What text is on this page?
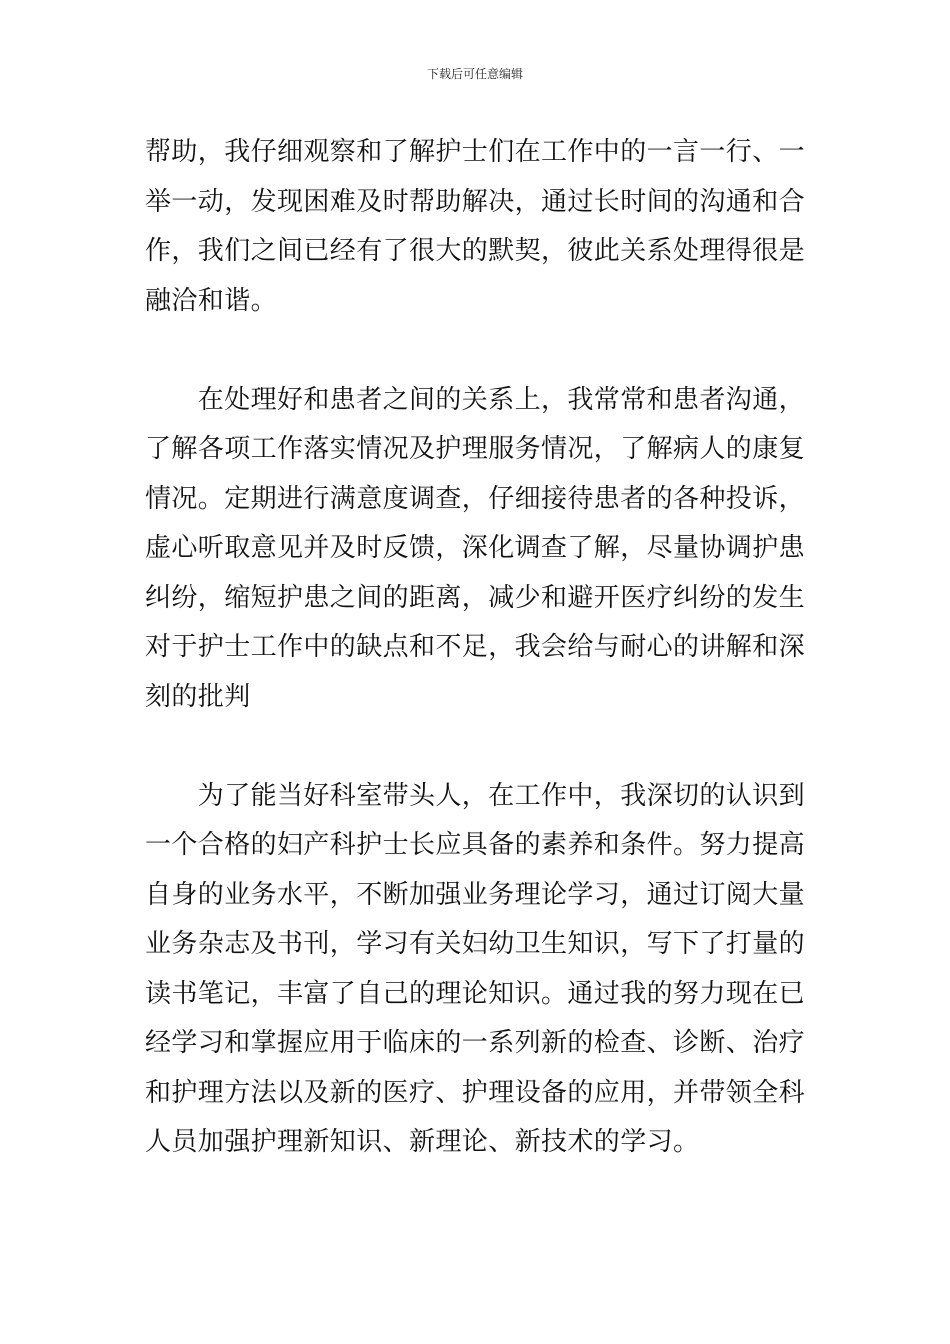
下载后可任意编辑
帮助，我仔细观察和了解护士们在工作中的一言一行、一
举一动，发现困难及时帮助解决，通过长时间的沟通和合
作，我们之间已经有了很大的默契，彼此关系处理得很是
融洽和谐。
　　在处理好和患者之间的关系上，我常常和患者沟通，
了解各项工作落实情况及护理服务情况，了解病人的康复
情况。定期进行满意度调查，仔细接待患者的各种投诉，
虚心听取意见并及时反馈，深化调查了解，尽量协调护患
纠纷，缩短护患之间的距离，减少和避开医疗纠纷的发生
对于护士工作中的缺点和不足，我会给与耐心的讲解和深
刻的批判
　　为了能当好科室带头人，在工作中，我深切的认识到
一个合格的妇产科护士长应具备的素养和条件。努力提高
自身的业务水平，不断加强业务理论学习，通过订阅大量
业务杂志及书刊，学习有关妇幼卫生知识，写下了打量的
读书笔记，丰富了自己的理论知识。通过我的努力现在已
经学习和掌握应用于临床的一系列新的检查、诊断、治疗
和护理方法以及新的医疗、护理设备的应用，并带领全科
人员加强护理新知识、新理论、新技术的学习。
